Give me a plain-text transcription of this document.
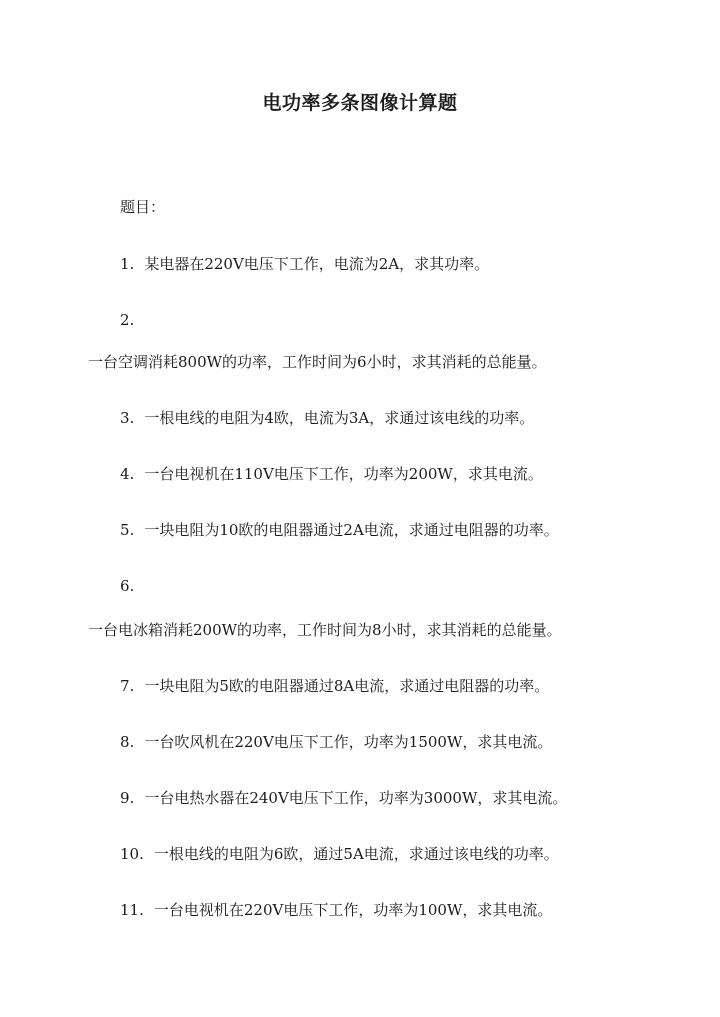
电功率多条图像计算题
题目：
1. 某电器在220V电压下工作，电流为2A，求其功率。
2.
一台空调消耗800W的功率，工作时间为6小时，求其消耗的总能量。
3. 一根电线的电阻为4欧，电流为3A，求通过该电线的功率。
4. 一台电视机在110V电压下工作，功率为200W，求其电流。
5. 一块电阻为10欧的电阻器通过2A电流，求通过电阻器的功率。
6.
一台电冰箱消耗200W的功率，工作时间为8小时，求其消耗的总能量。
7. 一块电阻为5欧的电阻器通过8A电流，求通过电阻器的功率。
8. 一台吹风机在220V电压下工作，功率为1500W，求其电流。
9. 一台电热水器在240V电压下工作，功率为3000W，求其电流。
10. 一根电线的电阻为6欧，通过5A电流，求通过该电线的功率。
11. 一台电视机在220V电压下工作，功率为100W，求其电流。
